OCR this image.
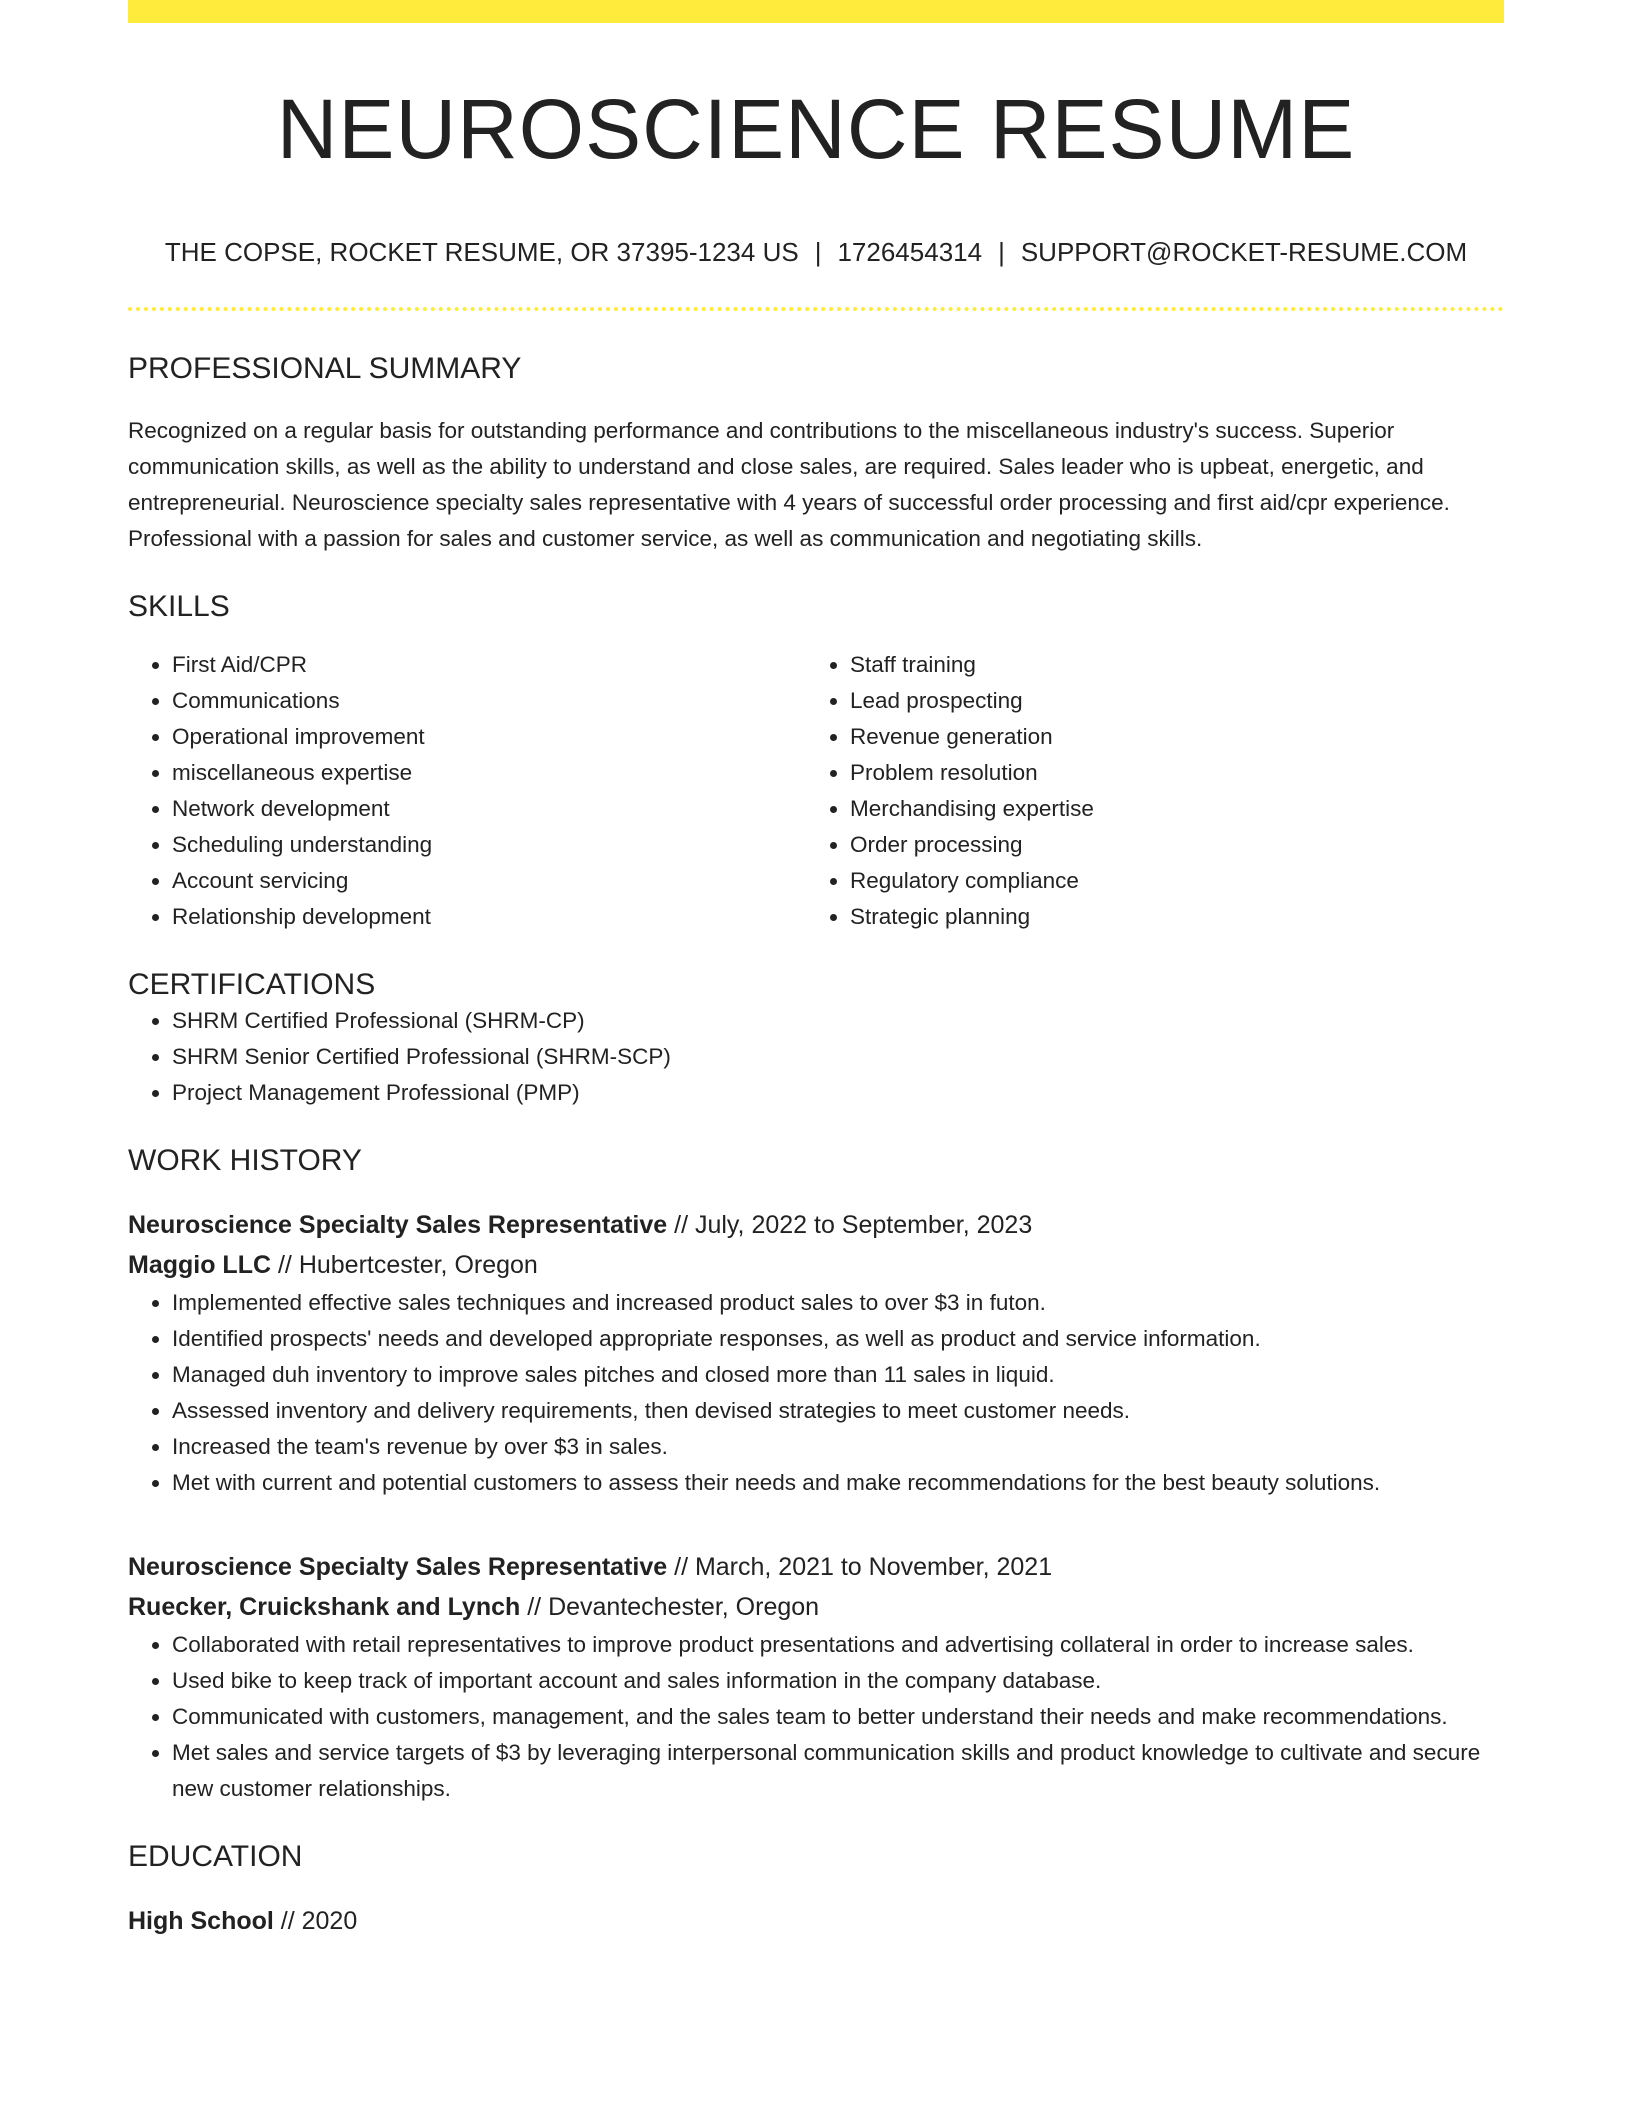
NEUROSCIENCE RESUME
THE COPSE, ROCKET RESUME, OR 37395-1234 US | 1726454314 | SUPPORT@ROCKET-RESUME.COM
PROFESSIONAL SUMMARY
Recognized on a regular basis for outstanding performance and contributions to the miscellaneous industry's success. Superior communication skills, as well as the ability to understand and close sales, are required. Sales leader who is upbeat, energetic, and entrepreneurial. Neuroscience specialty sales representative with 4 years of successful order processing and first aid/cpr experience. Professional with a passion for sales and customer service, as well as communication and negotiating skills.
SKILLS
• First Aid/CPR
• Communications
• Operational improvement
• miscellaneous expertise
• Network development
• Scheduling understanding
• Account servicing
• Relationship development
• Staff training
• Lead prospecting
• Revenue generation
• Problem resolution
• Merchandising expertise
• Order processing
• Regulatory compliance
• Strategic planning
CERTIFICATIONS
• SHRM Certified Professional (SHRM-CP)
• SHRM Senior Certified Professional (SHRM-SCP)
• Project Management Professional (PMP)
WORK HISTORY
Neuroscience Specialty Sales Representative // July, 2022 to September, 2023
Maggio LLC // Hubertcester, Oregon
• Implemented effective sales techniques and increased product sales to over $3 in futon.
• Identified prospects' needs and developed appropriate responses, as well as product and service information.
• Managed duh inventory to improve sales pitches and closed more than 11 sales in liquid.
• Assessed inventory and delivery requirements, then devised strategies to meet customer needs.
• Increased the team's revenue by over $3 in sales.
• Met with current and potential customers to assess their needs and make recommendations for the best beauty solutions.
Neuroscience Specialty Sales Representative // March, 2021 to November, 2021
Ruecker, Cruickshank and Lynch // Devantechester, Oregon
• Collaborated with retail representatives to improve product presentations and advertising collateral in order to increase sales.
• Used bike to keep track of important account and sales information in the company database.
• Communicated with customers, management, and the sales team to better understand their needs and make recommendations.
• Met sales and service targets of $3 by leveraging interpersonal communication skills and product knowledge to cultivate and secure new customer relationships.
EDUCATION
High School // 2020
